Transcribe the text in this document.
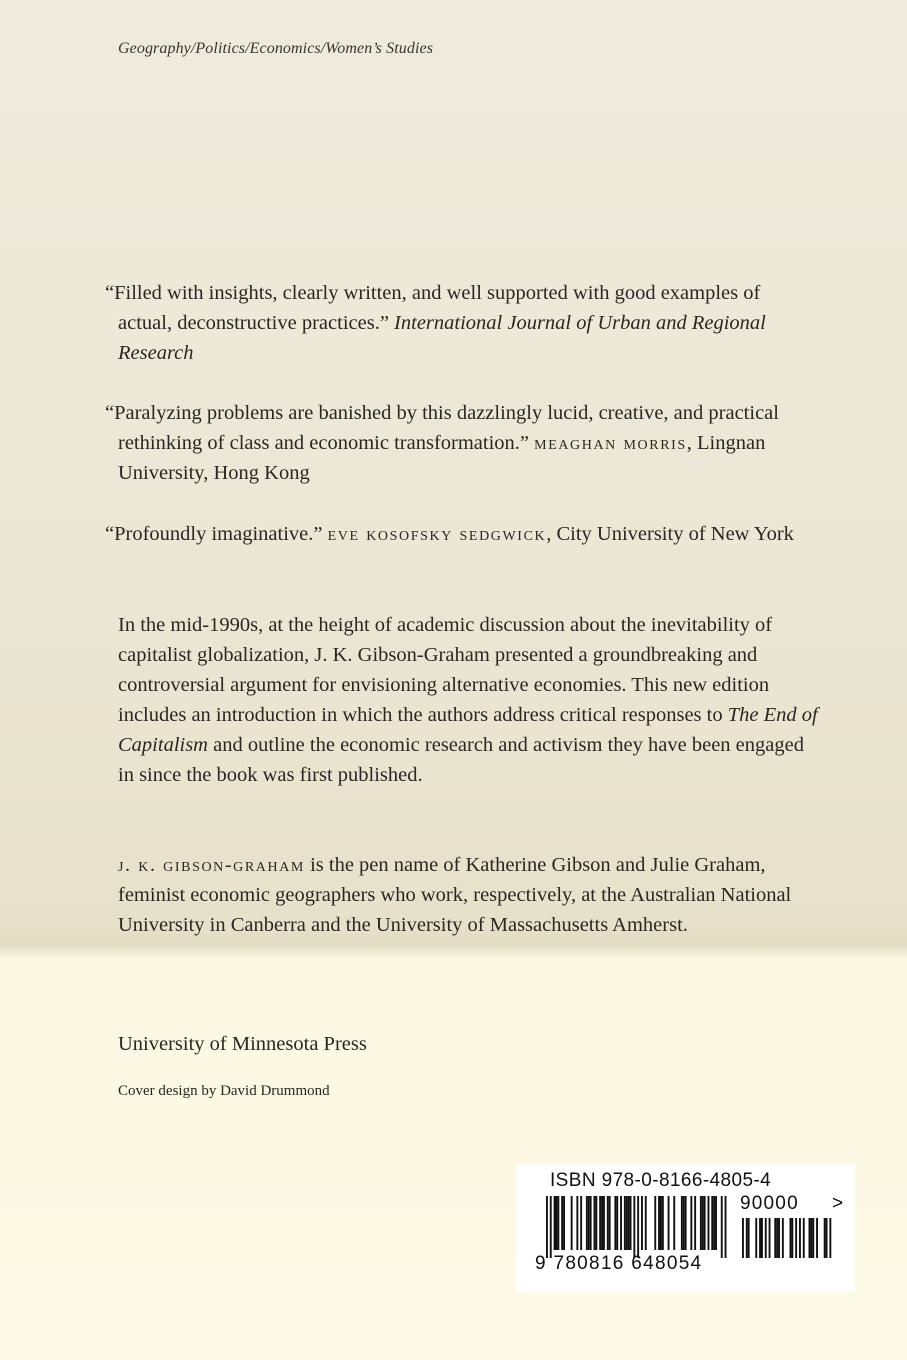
Geography/Politics/Economics/Women’s Studies

“Filled with insights, clearly written, and well supported with good examples of actual, deconstructive practices.” International Journal of Urban and Regional Research

“Paralyzing problems are banished by this dazzlingly lucid, creative, and practical rethinking of class and economic transformation.” meaghan morris, Lingnan University, Hong Kong

“Profoundly imaginative.” eve kosofsky sedgwick, City University of New York

In the mid-1990s, at the height of academic discussion about the inevitability of capitalist globalization, J. K. Gibson-Graham presented a groundbreaking and controversial argument for envisioning alternative economies. This new edition includes an introduction in which the authors address critical responses to The End of Capitalism and outline the economic research and activism they have been engaged in since the book was first published.

j. k. gibson-graham is the pen name of Katherine Gibson and Julie Graham, feminist economic geographers who work, respectively, at the Australian National University in Canberra and the University of Massachusetts Amherst.

University of Minnesota Press
Cover design by David Drummond
ISBN 978-0-8166-4805-4
9 780816 648054
90000 >
